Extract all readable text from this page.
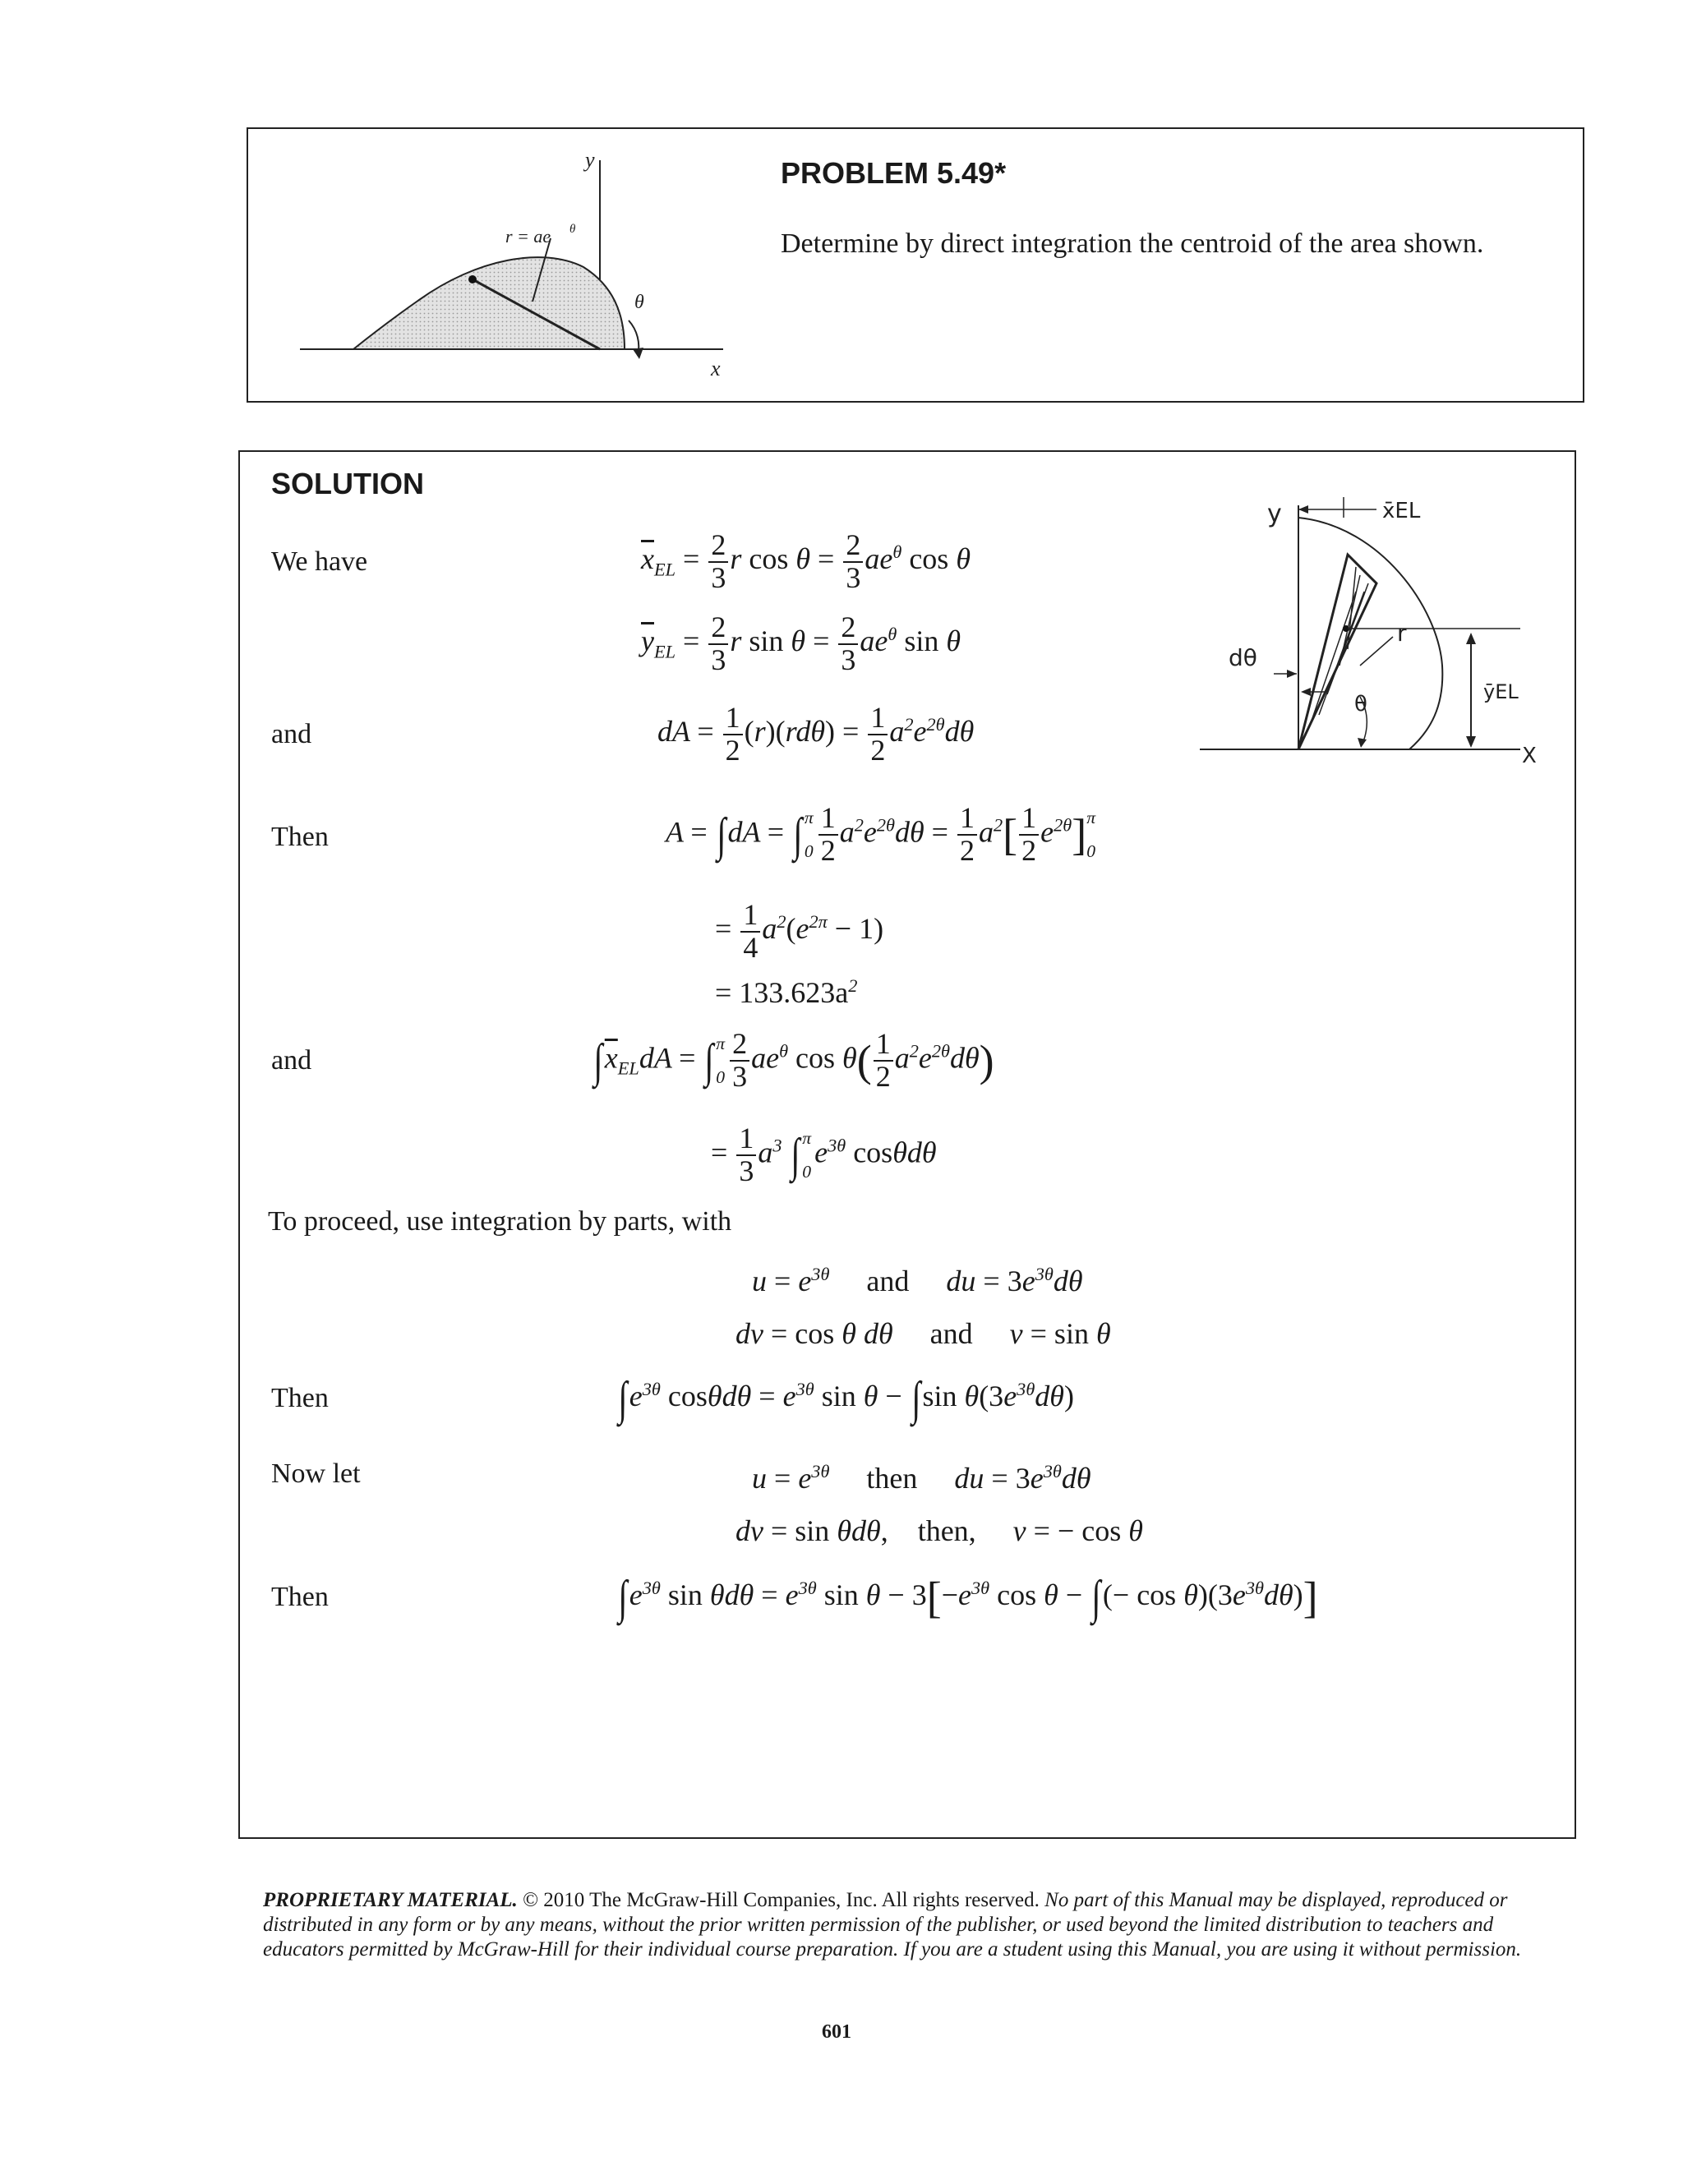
y
x
r = ae θ
θ
PROBLEM 5.49*
Determine by direct integration the centroid of the area shown.
SOLUTION
y	x̄EL
ȳEL
dθ
r
θ
X
We have
and
Then
and
To proceed, use integration by parts, with
Then
Now let
Then
$\overline{x}_{EL} = \frac{2}{3}$ r $\cos \theta = \frac{2}{3} ae^\theta$ cos θ
$\overline{y}_{EL} = \frac{2}{3}$ r $\sin \theta = \frac{2}{3} ae^\theta$ sin θ
dA = $\frac{1}{2} (r)(rd\theta) = \frac{1}{2} a^2e^{2\theta}d\theta$
A = ∫dA = ∫ π
$0 \frac{1}{2} a^2e^{2\theta}d\theta = \frac{1}{2} a^2[ \frac{1}{2} e^{2\theta}]\pi$
0
= $\frac{1}{4} a^2(e^{2\pi} - 1)$
= $133.623a^2$
$\int\overline{x}_{EL}dA$ = ∫ π
$0 \frac{2}{3} ae^\theta$ $\cos \theta( \frac{1}{2} a^2e^{2\theta}d\theta)$
= $\frac{1}{3} a^3$ ∫ π
$0e^{3\theta}$ cosθdθ
$u = e^{3\theta}$ and     du = $3e^{3\theta}d\theta$
dv = cos θ dθ     and     v = sin θ
$\int e^{3\theta}$ $\cos\theta d\theta = e^{3\theta}$ sin θ − ∫sin $\theta(3e^{3\theta}d\theta)$
$u = e^{3\theta}$ then     du = $3e^{3\theta}d\theta$
dv = sin θdθ, then,     v = − cos θ
$\int e^{3\theta}$ $\sin \theta d\theta = e^{3\theta}$ $\sin \theta - 3[-e^{3\theta}$ cos θ − ∫(− $\cos \theta)(3e^{3\theta}d\theta)$]
PROPRIETARY MATERIAL. © 2010 The McGraw-Hill Companies, Inc. All rights reserved. No part of this Manual may be displayed, reproduced or distributed in any form or by any means, without the prior written permission of the publisher, or used beyond the limited distribution to teachers and educators permitted by McGraw-Hill for their individual course preparation. If you are a student using this Manual, you are using it without permission.
601
